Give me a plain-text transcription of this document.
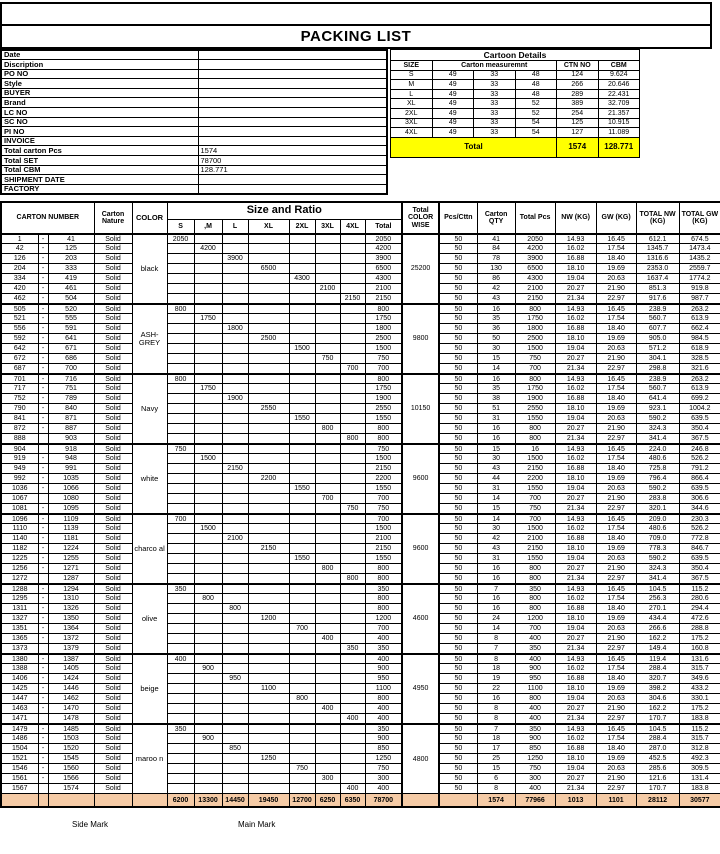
PACKING LIST
Date	
Discription	
PO NO	
Style	
BUYER	
Brand	
LC NO	
SC NO	
PI NO	
INVOICE	
Total carton Pcs	1574
Total SET	78700
Total CBM	128.771
SHIPMENT DATE	
FACTORY	
Cartoon Details					
SIZE	Carton measuremnt			CTN NO	CBM
S	49	33	48	124	9.624
M	49	33	48	266	20.646
L	49	33	48	289	22.431
XL	49	33	52	389	32.709
2XL	49	33	52	254	21.357
3XL	49	33	54	125	10.915
4XL	49	33	54	127	11.089
Total				1574	128.771
CARTON NUMBER			Carton Nature	COLOR	Size and Ratio								Total COLOR WISE	Pcs/Cttn	Carton QTY	Total Pcs	NW (KG)	GW (KG)	TOTAL NW (KG)	TOTAL GW (KG)
					S	,M	L	XL	2XL	3XL	4XL	Total								
1	-	41	Solid	black	2050							2050	25200	50	41	2050	14.93	16.45	612.1	674.5
42	-	125	Solid			4200						4200		50	84	4200	16.02	17.54	1345.7	1473.4
126	-	203	Solid				3900					3900		50	78	3900	16.88	18.40	1316.6	1435.2
204	-	333	Solid					6500				6500		50	130	6500	18.10	19.69	2353.0	2559.7
334	-	419	Solid						4300			4300		50	86	4300	19.04	20.63	1637.4	1774.2
420	-	461	Solid							2100		2100		50	42	2100	20.27	21.90	851.3	919.8
462	-	504	Solid								2150	2150		50	43	2150	21.34	22.97	917.6	987.7
505	-	520	Solid	ASH-GREY	800							800	9800	50	16	800	14.93	16.45	238.9	263.2
521	-	555	Solid			1750						1750		50	35	1750	16.02	17.54	560.7	613.9
556	-	591	Solid				1800					1800		50	36	1800	16.88	18.40	607.7	662.4
592	-	641	Solid					2500				2500		50	50	2500	18.10	19.69	905.0	984.5
642	-	671	Solid						1500			1500		50	30	1500	19.04	20.63	571.2	618.9
672	-	686	Solid							750		750		50	15	750	20.27	21.90	304.1	328.5
687	-	700	Solid								700	700		50	14	700	21.34	22.97	298.8	321.6
701	-	716	Solid	Navy	800							800	10150	50	16	800	14.93	16.45	238.9	263.2
717	-	751	Solid			1750						1750		50	35	1750	16.02	17.54	560.7	613.9
752	-	789	Solid				1900					1900		50	38	1900	16.88	18.40	641.4	699.2
790	-	840	Solid					2550				2550		50	51	2550	18.10	19.69	923.1	1004.2
841	-	871	Solid						1550			1550		50	31	1550	19.04	20.63	590.2	639.5
872	-	887	Solid							800		800		50	16	800	20.27	21.90	324.3	350.4
888		903	Solid								800	800		50	16	800	21.34	22.97	341.4	367.5
904		918	Solid	white	750							750	9600	50	15	16	14.93	16.45	224.0	246.8
919	-	948	Solid			1500						1500		50	30	1500	16.02	17.54	480.6	526.2
949	-	991	Solid				2150					2150		50	43	2150	16.88	18.40	725.8	791.2
992	-	1035	Solid					2200				2200		50	44	2200	18.10	19.69	796.4	866.4
1036	-	1066	Solid						1550			1550		50	31	1550	19.04	20.63	590.2	639.5
1067		1080	Solid							700		700		50	14	700	20.27	21.90	283.8	306.6
1081	-	1095	Solid								750	750		50	15	750	21.34	22.97	320.1	344.6
1096	-	1109	Solid	charco al	700							700	9600	50	14	700	14.93	16.45	209.0	230.3
1110	-	1139	Solid			1500						1500		50	30	1500	16.02	17.54	480.6	526.2
1140	-	1181	Solid				2100					2100		50	42	2100	16.88	18.40	709.0	772.8
1182	-	1224	Solid					2150				2150		50	43	2150	18.10	19.69	778.3	846.7
1225	-	1255	Solid						1550			1550		50	31	1550	19.04	20.63	590.2	639.5
1256	-	1271	Solid							800		800		50	16	800	20.27	21.90	324.3	350.4
1272		1287	Solid								800	800		50	16	800	21.34	22.97	341.4	367.5
1288	-	1294	Solid	olive	350							350	4600	50	7	350	14.93	16.45	104.5	115.2
1295	-	1310	Solid			800						800		50	16	800	16.02	17.54	256.3	280.6
1311	-	1326	Solid				800					800		50	16	800	16.88	18.40	270.1	294.4
1327	-	1350	Solid					1200				1200		50	24	1200	18.10	19.69	434.4	472.6
1351	-	1364	Solid						700			700		50	14	700	19.04	20.63	266.6	288.8
1365	-	1372	Solid							400		400		50	8	400	20.27	21.90	162.2	175.2
1373		1379	Solid								350	350		50	7	350	21.34	22.97	149.4	160.8
1380	-	1387	Solid	beige	400							400	4950	50	8	400	14.93	16.45	119.4	131.6
1388	-	1405	Solid			900						900		50	18	900	16.02	17.54	288.4	315.7
1406	-	1424	Solid				950					950		50	19	950	16.88	18.40	320.7	349.6
1425	-	1446	Solid					1100				1100		50	22	1100	18.10	19.69	398.2	433.2
1447	-	1462	Solid						800			800		50	16	800	19.04	20.63	304.6	330.1
1463	-	1470	Solid							400		400		50	8	400	20.27	21.90	162.2	175.2
1471		1478	Solid								400	400		50	8	400	21.34	22.97	170.7	183.8
1479	-	1485	Solid	maroo n	350							350	4800	50	7	350	14.93	16.45	104.5	115.2
1486	-	1503	Solid			900						900		50	18	900	16.02	17.54	288.4	315.7
1504	-	1520	Solid				850					850		50	17	850	16.88	18.40	287.0	312.8
1521	-	1545	Solid					1250				1250		50	25	1250	18.10	19.69	452.5	492.3
1546	-	1560	Solid						750			750		50	15	750	19.04	20.63	285.6	309.5
1561	-	1566	Solid							300		300		50	6	300	20.27	21.90	121.6	131.4
1567		1574	Solid								400	400		50	8	400	21.34	22.97	170.7	183.8
					6200	13300	14450	19450	12700	6250	6350	78700			1574	77966	1013	1101	28112	30577
Side Mark	Main Mark
